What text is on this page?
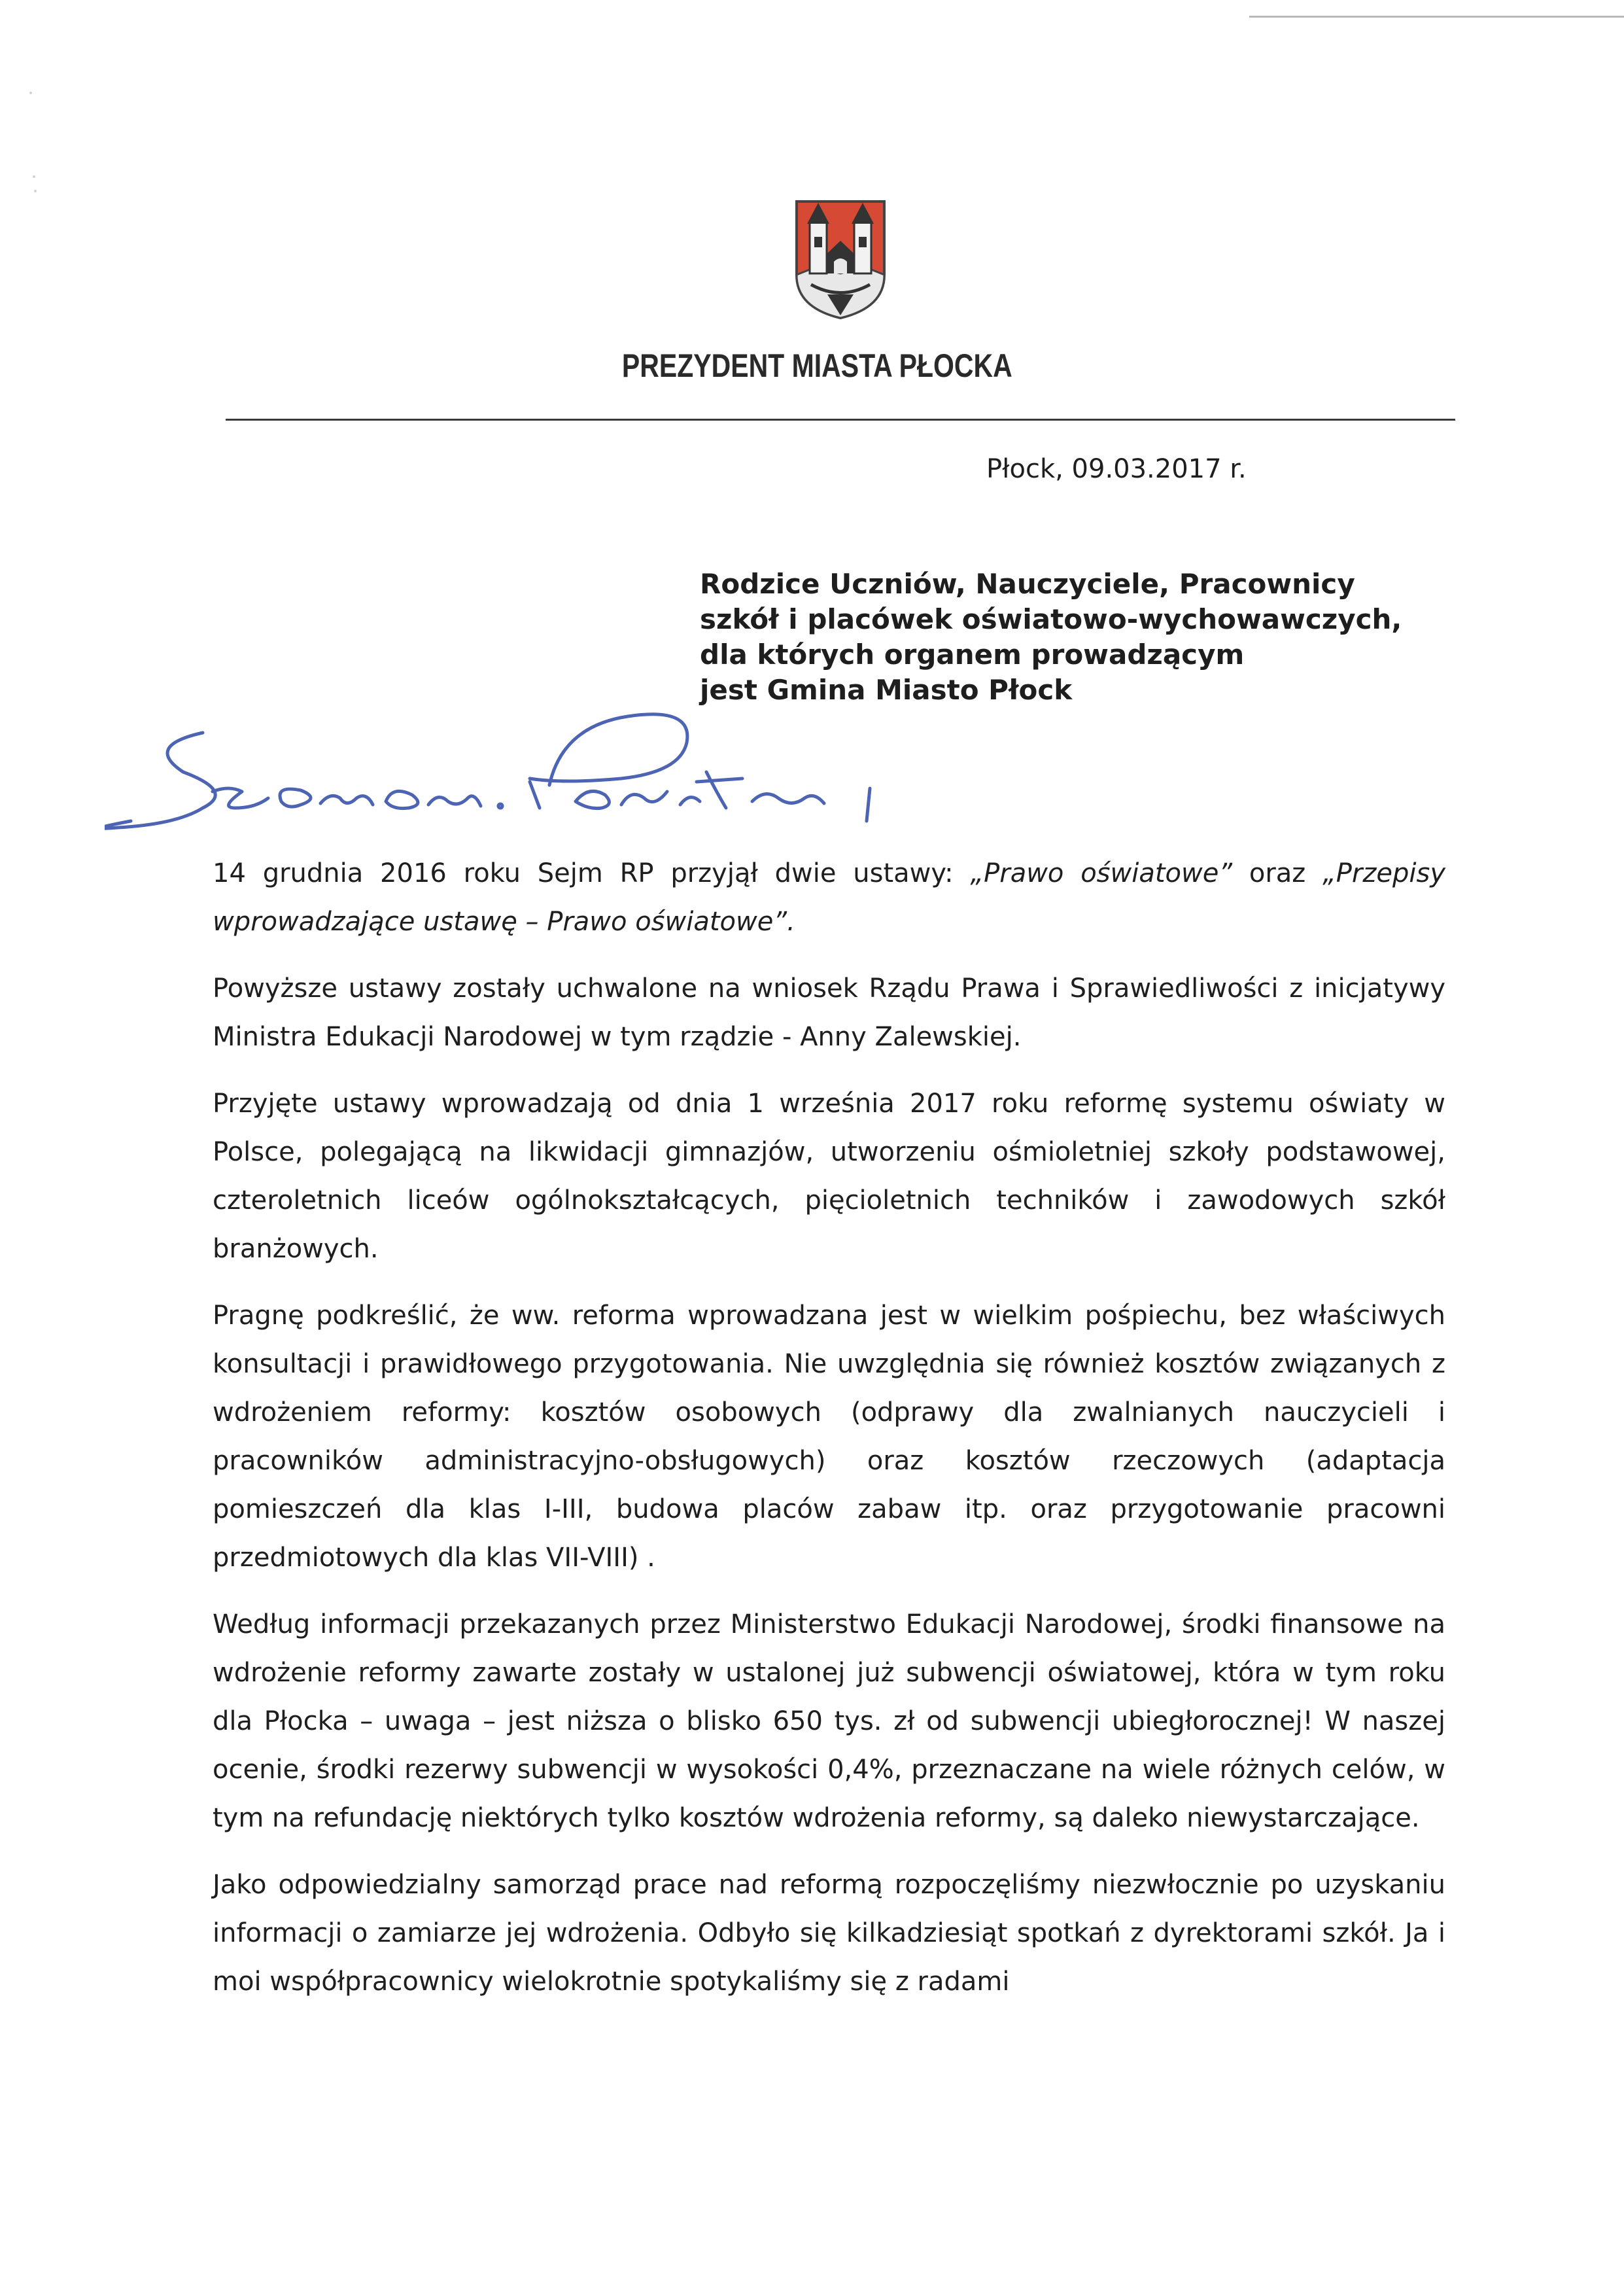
PREZYDENT MIASTA PŁOCKA
Płock, 09.03.2017 r.
Rodzice Uczniów, Nauczyciele, Pracownicy
szkół i placówek oświatowo-wychowawczych,
dla których organem prowadzącym
jest Gmina Miasto Płock

14 grudnia 2016 roku Sejm RP przyjął dwie ustawy: „Prawo oświatowe” oraz „Przepisy wprowadzające ustawę – Prawo oświatowe”.

Powyższe ustawy zostały uchwalone na wniosek Rządu Prawa i Sprawiedliwości z inicjatywy Ministra Edukacji Narodowej w tym rządzie - Anny Zalewskiej.

Przyjęte ustawy wprowadzają od dnia 1 września 2017 roku reformę systemu oświaty w Polsce, polegającą na likwidacji gimnazjów, utworzeniu ośmioletniej szkoły podstawowej, czteroletnich liceów ogólnokształcących, pięcioletnich techników i zawodowych szkół branżowych.

Pragnę podkreślić, że ww. reforma wprowadzana jest w wielkim pośpiechu, bez właściwych konsultacji i prawidłowego przygotowania. Nie uwzględnia się również kosztów związanych z wdrożeniem reformy: kosztów osobowych (odprawy dla zwalnianych nauczycieli i pracowników administracyjno-obsługowych) oraz kosztów rzeczowych (adaptacja pomieszczeń dla klas I-III, budowa placów zabaw itp. oraz przygotowanie pracowni przedmiotowych dla klas VII-VIII) .

Według informacji przekazanych przez Ministerstwo Edukacji Narodowej, środki finansowe na wdrożenie reformy zawarte zostały w ustalonej już subwencji oświatowej, która w tym roku dla Płocka – uwaga – jest niższa o blisko 650 tys. zł od subwencji ubiegłorocznej! W naszej ocenie, środki rezerwy subwencji w wysokości 0,4%, przeznaczane na wiele różnych celów, w tym na refundację niektórych tylko kosztów wdrożenia reformy, są daleko niewystarczające.

Jako odpowiedzialny samorząd prace nad reformą rozpoczęliśmy niezwłocznie po uzyskaniu informacji o zamiarze jej wdrożenia. Odbyło się kilkadziesiąt spotkań z dyrektorami szkół. Ja i moi współpracownicy wielokrotnie spotykaliśmy się z radami
